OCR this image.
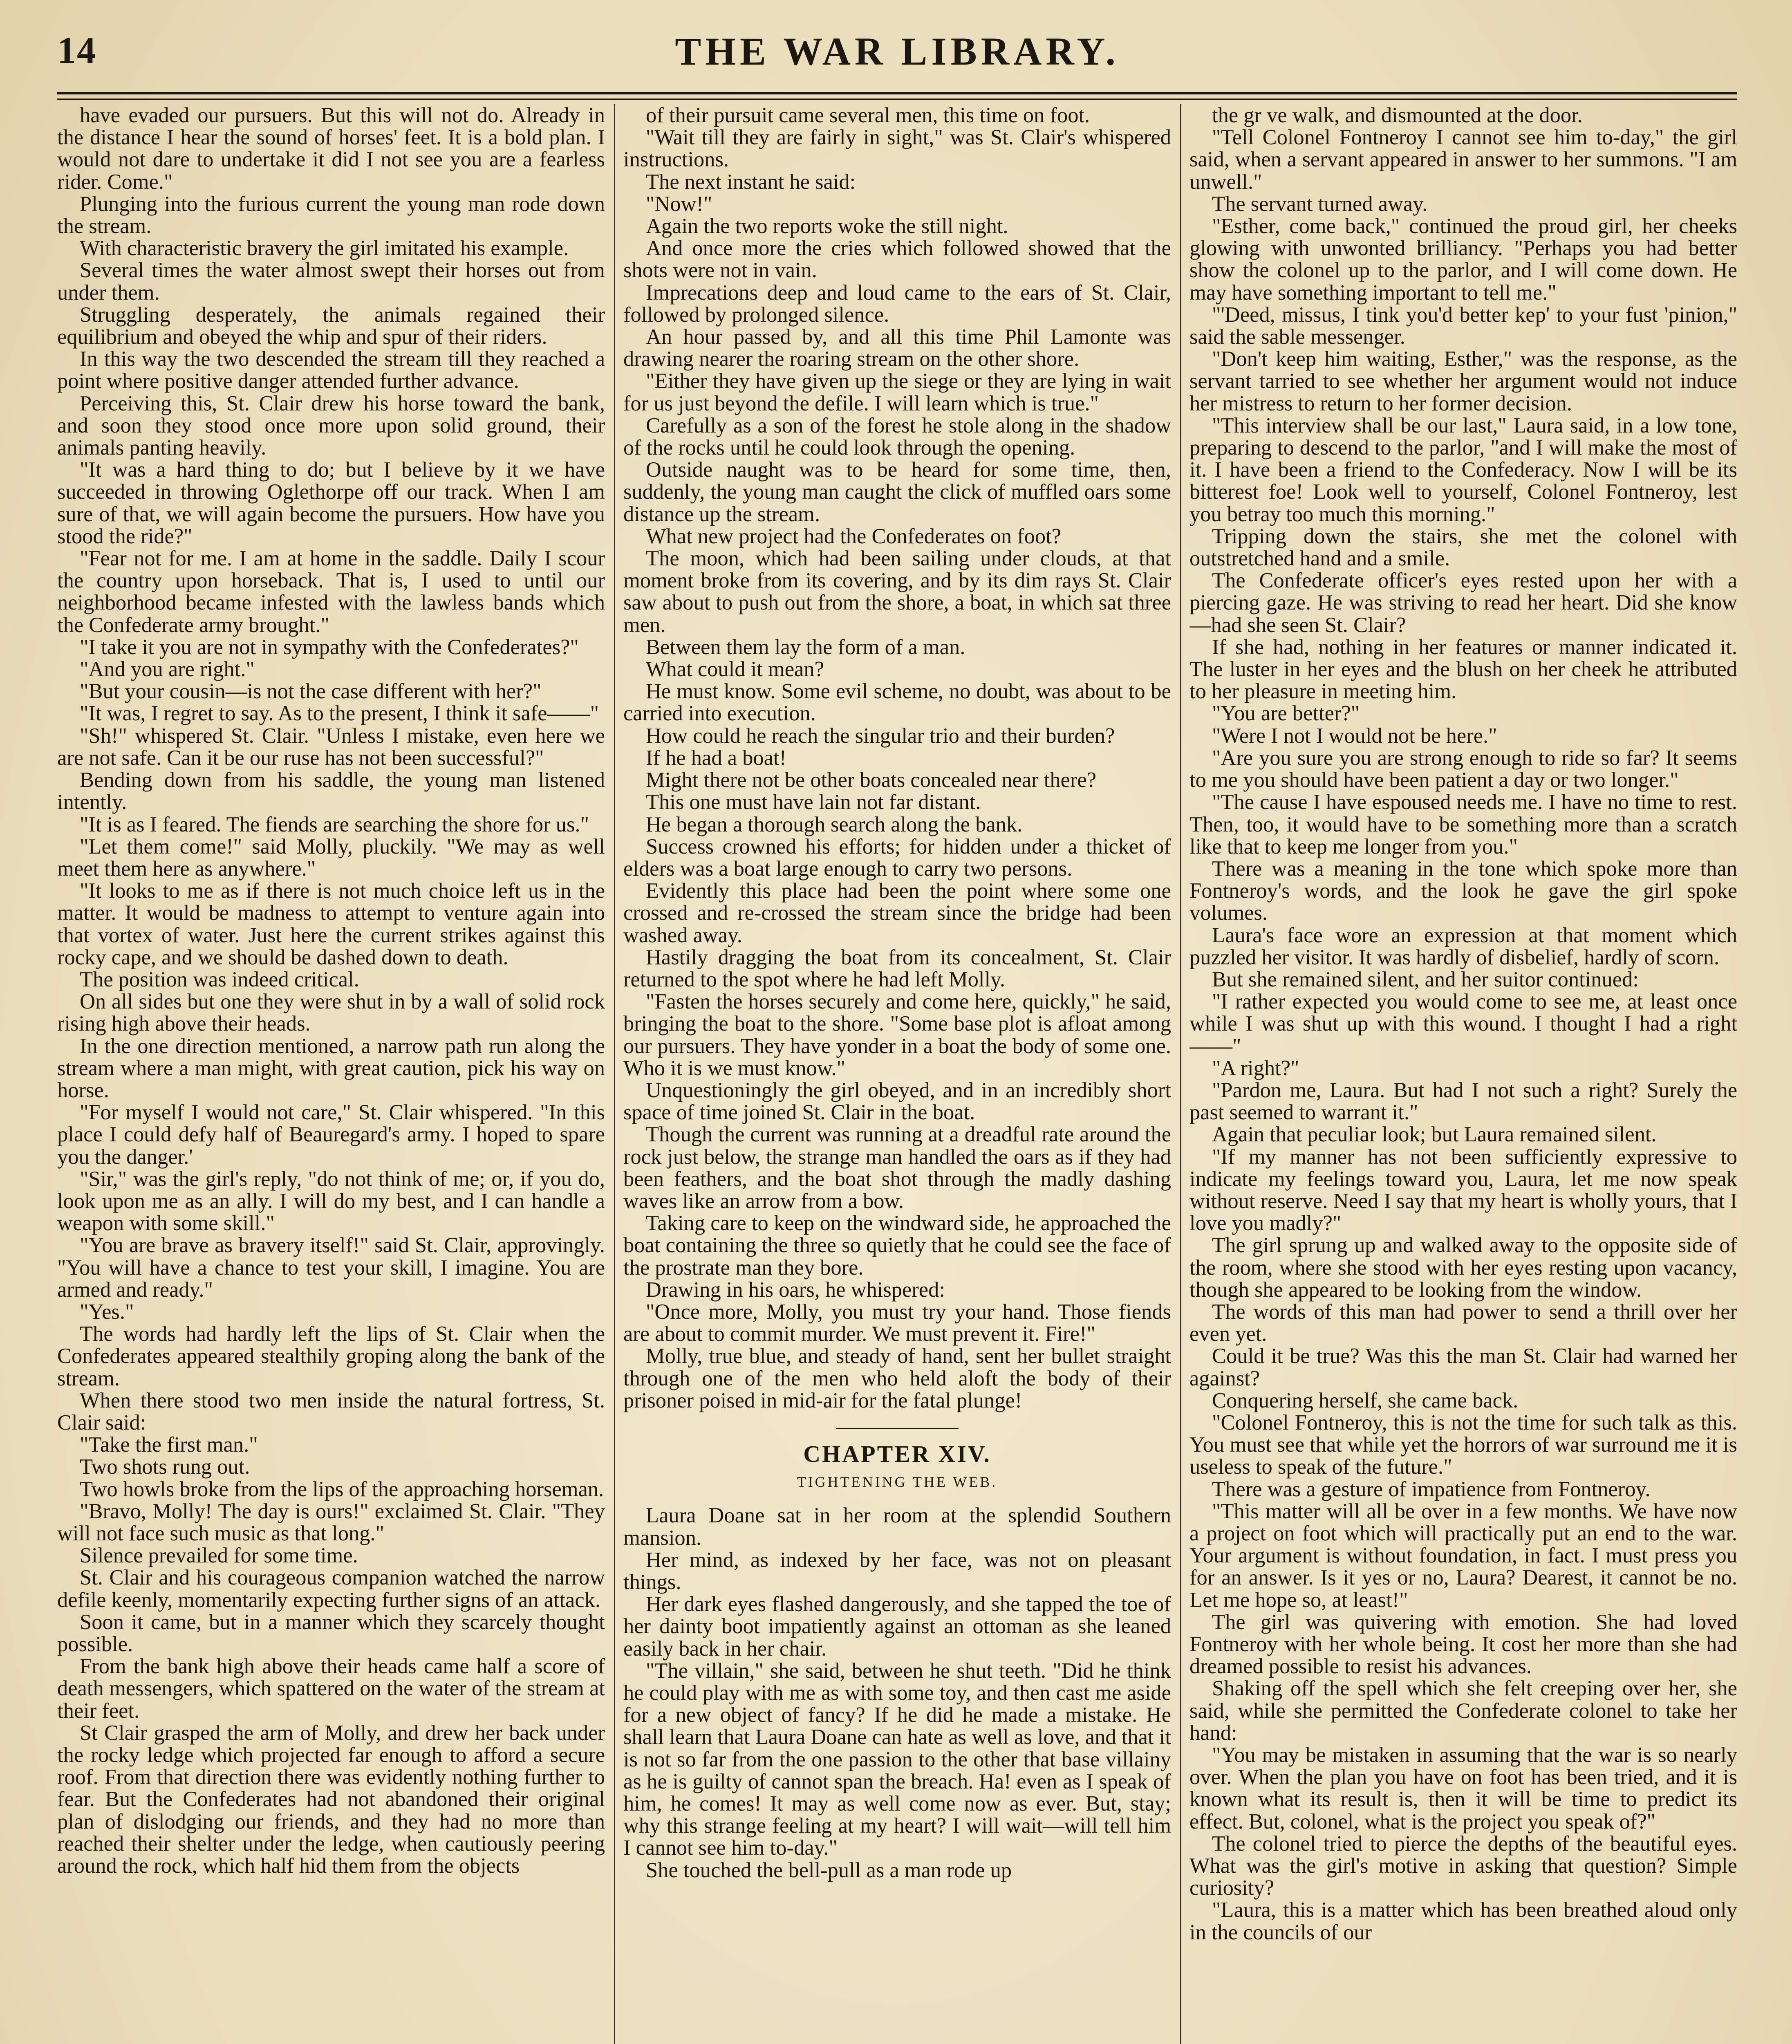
14	THE WAR LIBRARY.

have evaded our pursuers. But this will not do. Already in the distance I hear the sound of horses' feet. It is a bold plan. I would not dare to undertake it did I not see you are a fearless rider. Come."

Plunging into the furious current the young man rode down the stream.

With characteristic bravery the girl imitated his example.

Several times the water almost swept their horses out from under them.

Struggling desperately, the animals regained their equilibrium and obeyed the whip and spur of their riders.

In this way the two descended the stream till they reached a point where positive danger attended further advance.

Perceiving this, St. Clair drew his horse toward the bank, and soon they stood once more upon solid ground, their animals panting heavily.

"It was a hard thing to do; but I believe by it we have succeeded in throwing Oglethorpe off our track. When I am sure of that, we will again become the pursuers. How have you stood the ride?"

"Fear not for me. I am at home in the saddle. Daily I scour the country upon horseback. That is, I used to until our neighborhood became infested with the lawless bands which the Confederate army brought."

"I take it you are not in sympathy with the Confederates?"

"And you are right."

"But your cousin—is not the case different with her?"

"It was, I regret to say. As to the present, I think it safe——"

"Sh!" whispered St. Clair. "Unless I mistake, even here we are not safe. Can it be our ruse has not been successful?"

Bending down from his saddle, the young man listened intently.

"It is as I feared. The fiends are searching the shore for us."

"Let them come!" said Molly, pluckily. "We may as well meet them here as anywhere."

"It looks to me as if there is not much choice left us in the matter. It would be madness to attempt to venture again into that vortex of water. Just here the current strikes against this rocky cape, and we should be dashed down to death.

The position was indeed critical.

On all sides but one they were shut in by a wall of solid rock rising high above their heads.

In the one direction mentioned, a narrow path run along the stream where a man might, with great caution, pick his way on horse.

"For myself I would not care," St. Clair whispered. "In this place I could defy half of Beauregard's army. I hoped to spare you the danger.'

"Sir," was the girl's reply, "do not think of me; or, if you do, look upon me as an ally. I will do my best, and I can handle a weapon with some skill."

"You are brave as bravery itself!" said St. Clair, approvingly. "You will have a chance to test your skill, I imagine. You are armed and ready."

"Yes."

The words had hardly left the lips of St. Clair when the Confederates appeared stealthily groping along the bank of the stream.

When there stood two men inside the natural fortress, St. Clair said:

"Take the first man."

Two shots rung out.

Two howls broke from the lips of the approaching horseman.

"Bravo, Molly! The day is ours!" exclaimed St. Clair. "They will not face such music as that long."

Silence prevailed for some time.

St. Clair and his courageous companion watched the narrow defile keenly, momentarily expecting further signs of an attack.

Soon it came, but in a manner which they scarcely thought possible.

From the bank high above their heads came half a score of death messengers, which spattered on the water of the stream at their feet.

St Clair grasped the arm of Molly, and drew her back under the rocky ledge which projected far enough to afford a secure roof. From that direction there was evidently nothing further to fear. But the Confederates had not abandoned their original plan of dislodging our friends, and they had no more than reached their shelter under the ledge, when cautiously peering around the rock, which half hid them from the objects

of their pursuit came several men, this time on foot.

"Wait till they are fairly in sight," was St. Clair's whispered instructions.

The next instant he said:

"Now!"

Again the two reports woke the still night.

And once more the cries which followed showed that the shots were not in vain.

Imprecations deep and loud came to the ears of St. Clair, followed by prolonged silence.

An hour passed by, and all this time Phil Lamonte was drawing nearer the roaring stream on the other shore.

"Either they have given up the siege or they are lying in wait for us just beyond the defile. I will learn which is true."

Carefully as a son of the forest he stole along in the shadow of the rocks until he could look through the opening.

Outside naught was to be heard for some time, then, suddenly, the young man caught the click of muffled oars some distance up the stream.

What new project had the Confederates on foot?

The moon, which had been sailing under clouds, at that moment broke from its covering, and by its dim rays St. Clair saw about to push out from the shore, a boat, in which sat three men.

Between them lay the form of a man.

What could it mean?

He must know. Some evil scheme, no doubt, was about to be carried into execution.

How could he reach the singular trio and their burden?

If he had a boat!

Might there not be other boats concealed near there?

This one must have lain not far distant.

He began a thorough search along the bank.

Success crowned his efforts; for hidden under a thicket of elders was a boat large enough to carry two persons.

Evidently this place had been the point where some one crossed and re-crossed the stream since the bridge had been washed away.

Hastily dragging the boat from its concealment, St. Clair returned to the spot where he had left Molly.

"Fasten the horses securely and come here, quickly," he said, bringing the boat to the shore. "Some base plot is afloat among our pursuers. They have yonder in a boat the body of some one. Who it is we must know."

Unquestioningly the girl obeyed, and in an incredibly short space of time joined St. Clair in the boat.

Though the current was running at a dreadful rate around the rock just below, the strange man handled the oars as if they had been feathers, and the boat shot through the madly dashing waves like an arrow from a bow.

Taking care to keep on the windward side, he approached the boat containing the three so quietly that he could see the face of the prostrate man they bore.

Drawing in his oars, he whispered:

"Once more, Molly, you must try your hand. Those fiends are about to commit murder. We must prevent it. Fire!"

Molly, true blue, and steady of hand, sent her bullet straight through one of the men who held aloft the body of their prisoner poised in mid-air for the fatal plunge!

CHAPTER XIV.
TIGHTENING THE WEB.

Laura Doane sat in her room at the splendid Southern mansion.

Her mind, as indexed by her face, was not on pleasant things.

Her dark eyes flashed dangerously, and she tapped the toe of her dainty boot impatiently against an ottoman as she leaned easily back in her chair.

"The villain," she said, between he shut teeth. "Did he think he could play with me as with some toy, and then cast me aside for a new object of fancy? If he did he made a mistake. He shall learn that Laura Doane can hate as well as love, and that it is not so far from the one passion to the other that base villainy as he is guilty of cannot span the breach. Ha! even as I speak of him, he comes! It may as well come now as ever. But, stay; why this strange feeling at my heart? I will wait—will tell him I cannot see him to-day."

She touched the bell-pull as a man rode up

the gr ve walk, and dismounted at the door.

"Tell Colonel Fontneroy I cannot see him to-day," the girl said, when a servant appeared in answer to her summons. "I am unwell."

The servant turned away.

"Esther, come back," continued the proud girl, her cheeks glowing with unwonted brilliancy. "Perhaps you had better show the colonel up to the parlor, and I will come down. He may have something important to tell me."

"'Deed, missus, I tink you'd better kep' to your fust 'pinion," said the sable messenger.

"Don't keep him waiting, Esther," was the response, as the servant tarried to see whether her argument would not induce her mistress to return to her former decision.

"This interview shall be our last," Laura said, in a low tone, preparing to descend to the parlor, "and I will make the most of it. I have been a friend to the Confederacy. Now I will be its bitterest foe! Look well to yourself, Colonel Fontneroy, lest you betray too much this morning."

Tripping down the stairs, she met the colonel with outstretched hand and a smile.

The Confederate officer's eyes rested upon her with a piercing gaze. He was striving to read her heart. Did she know—had she seen St. Clair?

If she had, nothing in her features or manner indicated it. The luster in her eyes and the blush on her cheek he attributed to her pleasure in meeting him.

"You are better?"

"Were I not I would not be here."

"Are you sure you are strong enough to ride so far? It seems to me you should have been patient a day or two longer."

"The cause I have espoused needs me. I have no time to rest. Then, too, it would have to be something more than a scratch like that to keep me longer from you."

There was a meaning in the tone which spoke more than Fontneroy's words, and the look he gave the girl spoke volumes.

Laura's face wore an expression at that moment which puzzled her visitor. It was hardly of disbelief, hardly of scorn.

But she remained silent, and her suitor continued:

"I rather expected you would come to see me, at least once while I was shut up with this wound. I thought I had a right——"

"A right?"

"Pardon me, Laura. But had I not such a right? Surely the past seemed to warrant it."

Again that peculiar look; but Laura remained silent.

"If my manner has not been sufficiently expressive to indicate my feelings toward you, Laura, let me now speak without reserve. Need I say that my heart is wholly yours, that I love you madly?"

The girl sprung up and walked away to the opposite side of the room, where she stood with her eyes resting upon vacancy, though she appeared to be looking from the window.

The words of this man had power to send a thrill over her even yet.

Could it be true? Was this the man St. Clair had warned her against?

Conquering herself, she came back.

"Colonel Fontneroy, this is not the time for such talk as this. You must see that while yet the horrors of war surround me it is useless to speak of the future."

There was a gesture of impatience from Fontneroy.

"This matter will all be over in a few months. We have now a project on foot which will practically put an end to the war. Your argument is without foundation, in fact. I must press you for an answer. Is it yes or no, Laura? Dearest, it cannot be no. Let me hope so, at least!"

The girl was quivering with emotion. She had loved Fontneroy with her whole being. It cost her more than she had dreamed possible to resist his advances.

Shaking off the spell which she felt creeping over her, she said, while she permitted the Confederate colonel to take her hand:

"You may be mistaken in assuming that the war is so nearly over. When the plan you have on foot has been tried, and it is known what its result is, then it will be time to predict its effect. But, colonel, what is the project you speak of?"

The colonel tried to pierce the depths of the beautiful eyes. What was the girl's motive in asking that question? Simple curiosity?

"Laura, this is a matter which has been breathed aloud only in the councils of our
